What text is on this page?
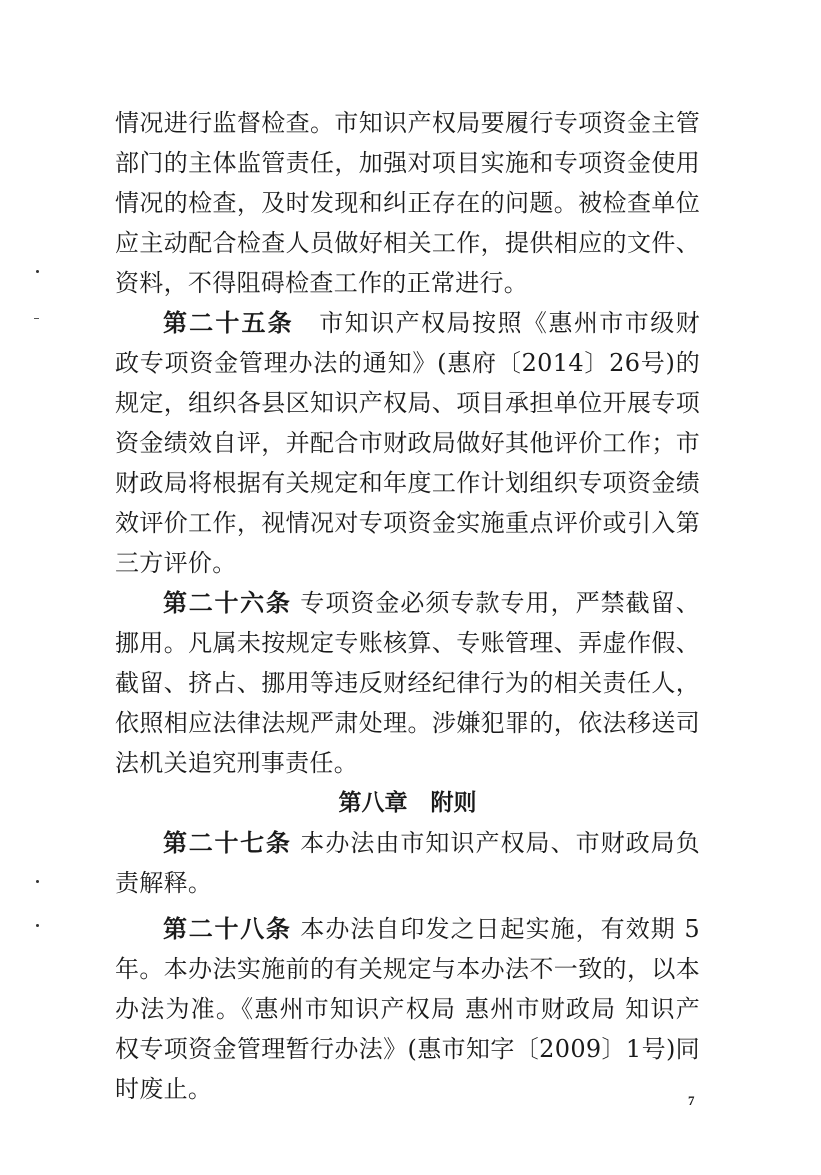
情况进行监督检查。市知识产权局要履行专项资金主管部门的主体监管责任，加强对项目实施和专项资金使用情况的检查，及时发现和纠正存在的问题。被检查单位应主动配合检查人员做好相关工作，提供相应的文件、资料，不得阻碍检查工作的正常进行。

第二十五条　市知识产权局按照《惠州市市级财政专项资金管理办法的通知》(惠府〔2014〕26号)的规定，组织各县区知识产权局、项目承担单位开展专项资金绩效自评，并配合市财政局做好其他评价工作；市财政局将根据有关规定和年度工作计划组织专项资金绩效评价工作，视情况对专项资金实施重点评价或引入第三方评价。

第二十六条 专项资金必须专款专用，严禁截留、挪用。凡属未按规定专账核算、专账管理、弄虚作假、截留、挤占、挪用等违反财经纪律行为的相关责任人，依照相应法律法规严肃处理。涉嫌犯罪的，依法移送司法机关追究刑事责任。

第八章　附则

第二十七条 本办法由市知识产权局、市财政局负责解释。

第二十八条 本办法自印发之日起实施，有效期 5 年。本办法实施前的有关规定与本办法不一致的，以本办法为准。《惠州市知识产权局 惠州市财政局 知识产权专项资金管理暂行办法》(惠市知字〔2009〕1号)同时废止。	7
